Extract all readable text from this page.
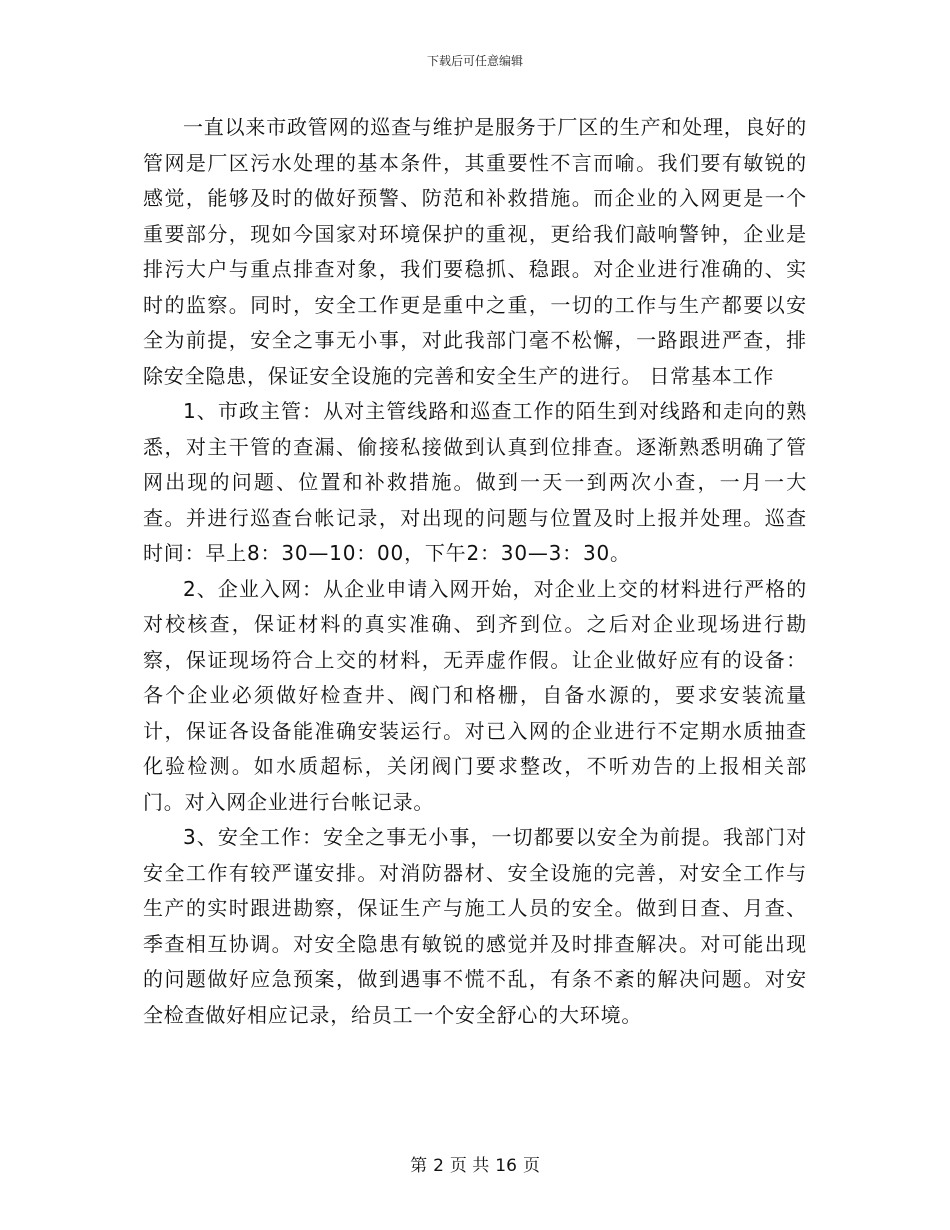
下载后可任意编辑

一直以来市政管网的巡查与维护是服务于厂区的生产和处理，良好的管网是厂区污水处理的基本条件，其重要性不言而喻。我们要有敏锐的感觉，能够及时的做好预警、防范和补救措施。而企业的入网更是一个重要部分，现如今国家对环境保护的重视，更给我们敲响警钟，企业是排污大户与重点排查对象，我们要稳抓、稳跟。对企业进行准确的、实时的监察。同时，安全工作更是重中之重，一切的工作与生产都要以安全为前提，安全之事无小事，对此我部门毫不松懈，一路跟进严查，排除安全隐患，保证安全设施的完善和安全生产的进行。 日常基本工作

1、市政主管：从对主管线路和巡查工作的陌生到对线路和走向的熟悉，对主干管的查漏、偷接私接做到认真到位排查。逐渐熟悉明确了管网出现的问题、位置和补救措施。做到一天一到两次小查，一月一大查。并进行巡查台帐记录，对出现的问题与位置及时上报并处理。巡查时间：早上8：30—10：00，下午2：30—3：30。

2、企业入网：从企业申请入网开始，对企业上交的材料进行严格的对校核查，保证材料的真实准确、到齐到位。之后对企业现场进行勘察，保证现场符合上交的材料，无弄虚作假。让企业做好应有的设备：各个企业必须做好检查井、阀门和格栅，自备水源的，要求安装流量计，保证各设备能准确安装运行。对已入网的企业进行不定期水质抽查化验检测。如水质超标，关闭阀门要求整改，不听劝告的上报相关部门。对入网企业进行台帐记录。

3、安全工作：安全之事无小事，一切都要以安全为前提。我部门对安全工作有较严谨安排。对消防器材、安全设施的完善，对安全工作与生产的实时跟进勘察，保证生产与施工人员的安全。做到日查、月查、季查相互协调。对安全隐患有敏锐的感觉并及时排查解决。对可能出现的问题做好应急预案，做到遇事不慌不乱，有条不紊的解决问题。对安全检查做好相应记录，给员工一个安全舒心的大环境。

第 2 页 共 16 页
